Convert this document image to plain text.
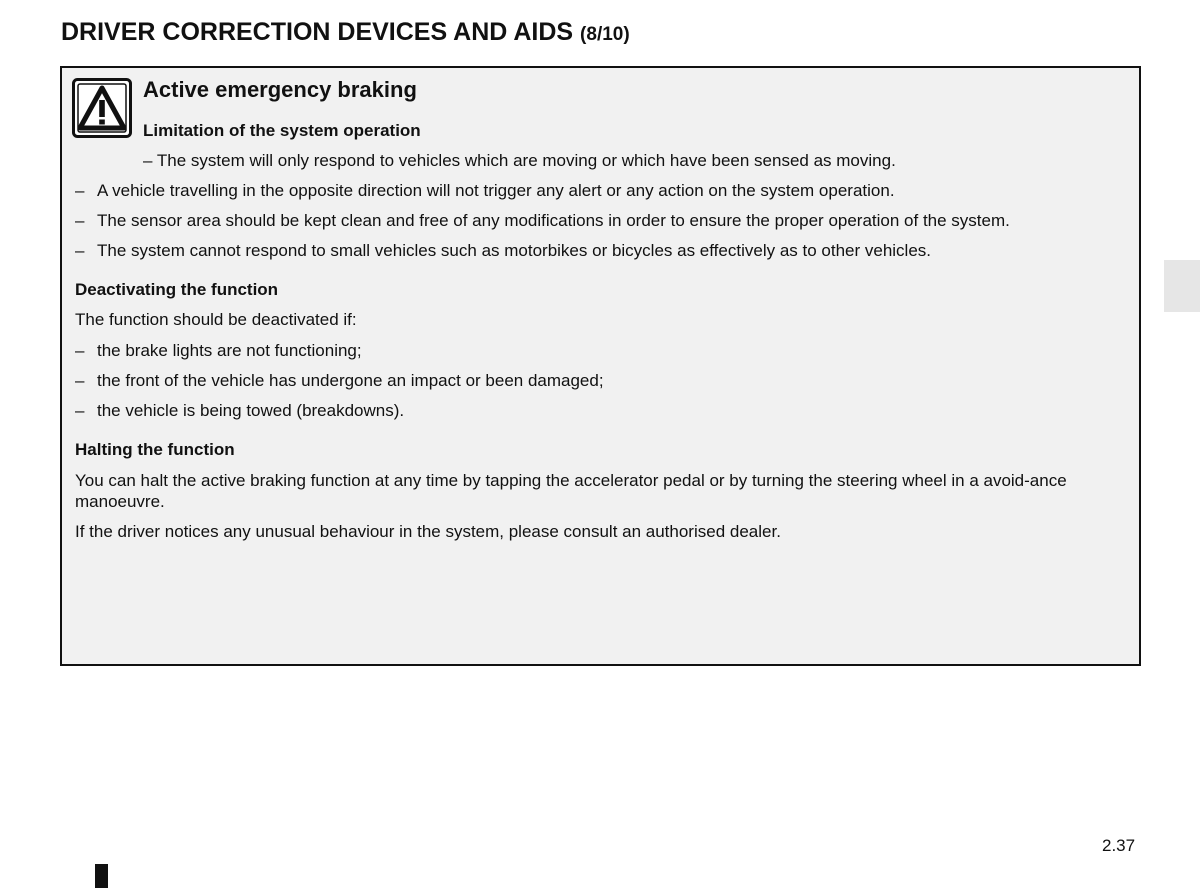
DRIVER CORRECTION DEVICES AND AIDS (8/10)
Active emergency braking
Limitation of the system operation

– The system will only respond to vehicles which are moving or which have been sensed as moving.

– A vehicle travelling in the opposite direction will not trigger any alert or any action on the system operation.
– The sensor area should be kept clean and free of any modifications in order to ensure the proper operation of the system.
– The system cannot respond to small vehicles such as motorbikes or bicycles as effectively as to other vehicles.
Deactivating the function

The function should be deactivated if:

– the brake lights are not functioning;
– the front of the vehicle has undergone an impact or been damaged;
– the vehicle is being towed (breakdowns).
Halting the function

You can halt the active braking function at any time by tapping the accelerator pedal or by turning the steering wheel in a avoid-ance manoeuvre.

If the driver notices any unusual behaviour in the system, please consult an authorised dealer.

2.37
